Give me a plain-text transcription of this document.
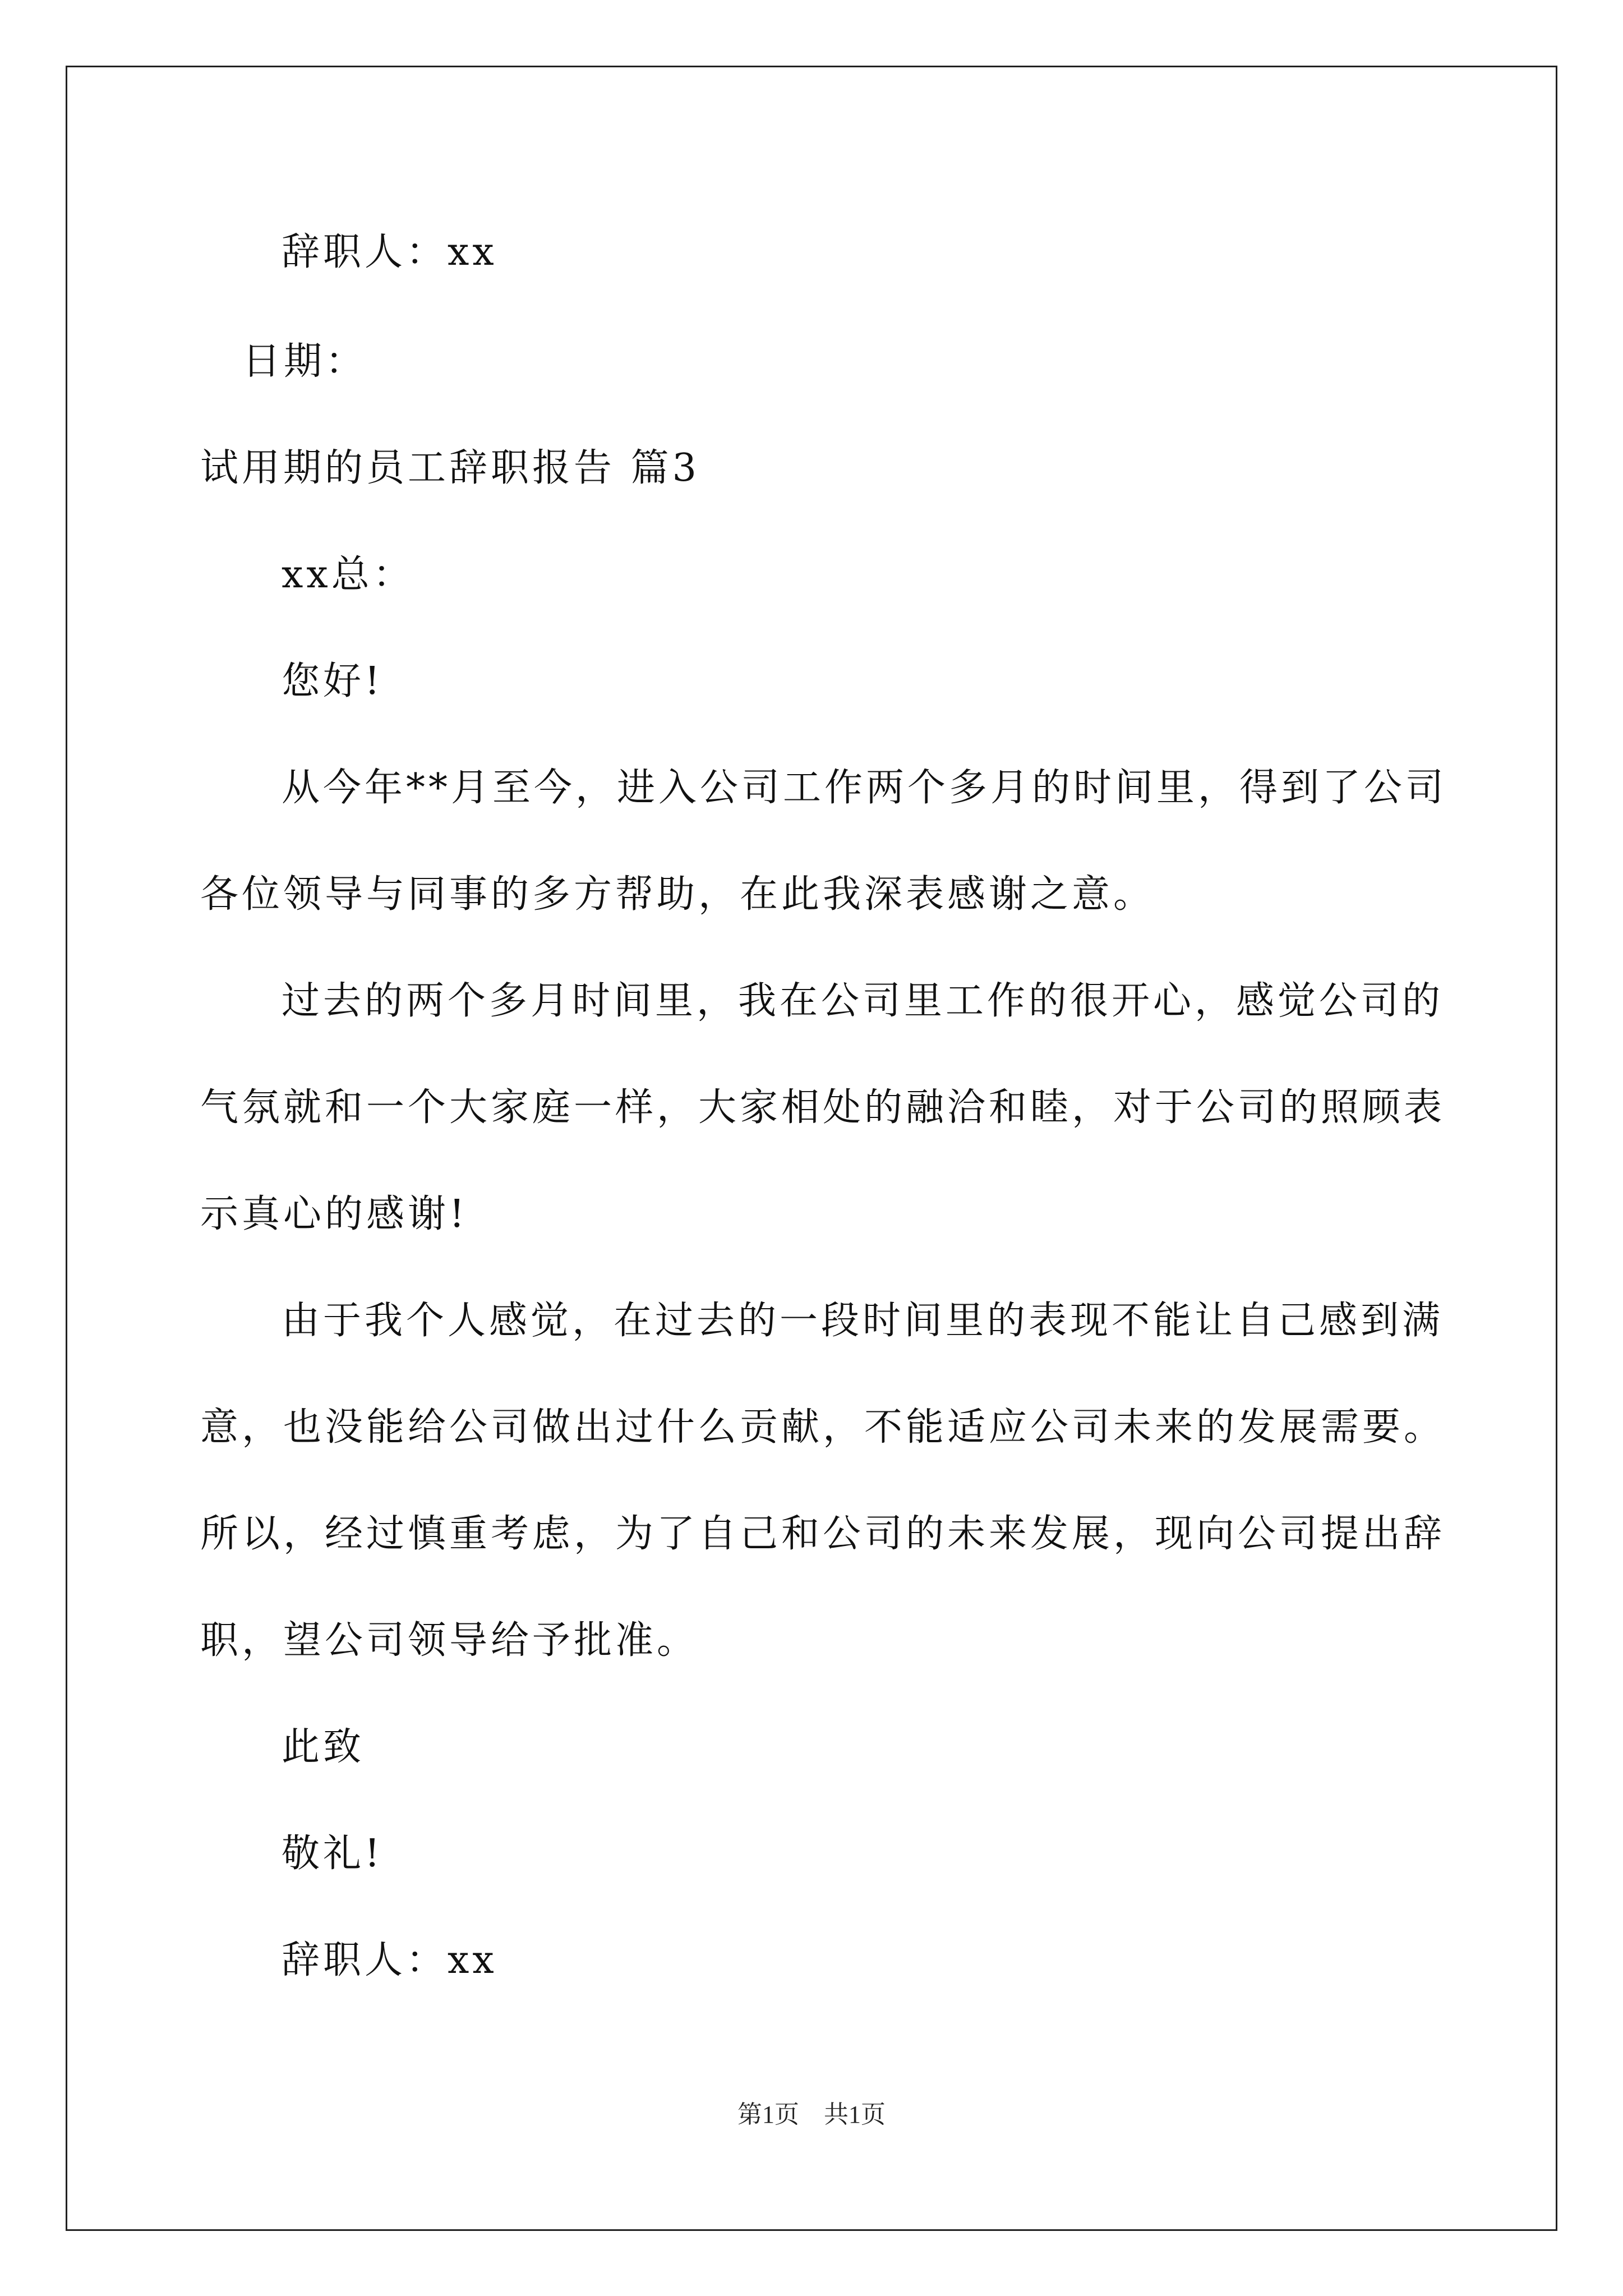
辞职人：xx
日期：
试用期的员工辞职报告 篇3
xx总：
您好!
从今年**月至今，进入公司工作两个多月的时间里，得到了公司
各位领导与同事的多方帮助，在此我深表感谢之意。
过去的两个多月时间里，我在公司里工作的很开心，感觉公司的
气氛就和一个大家庭一样，大家相处的融洽和睦，对于公司的照顾表
示真心的感谢!
由于我个人感觉，在过去的一段时间里的表现不能让自己感到满
意，也没能给公司做出过什么贡献，不能适应公司未来的发展需要。
所以，经过慎重考虑，为了自己和公司的未来发展，现向公司提出辞
职，望公司领导给予批准。
此致
敬礼!
辞职人：xx
第1页　共1页
